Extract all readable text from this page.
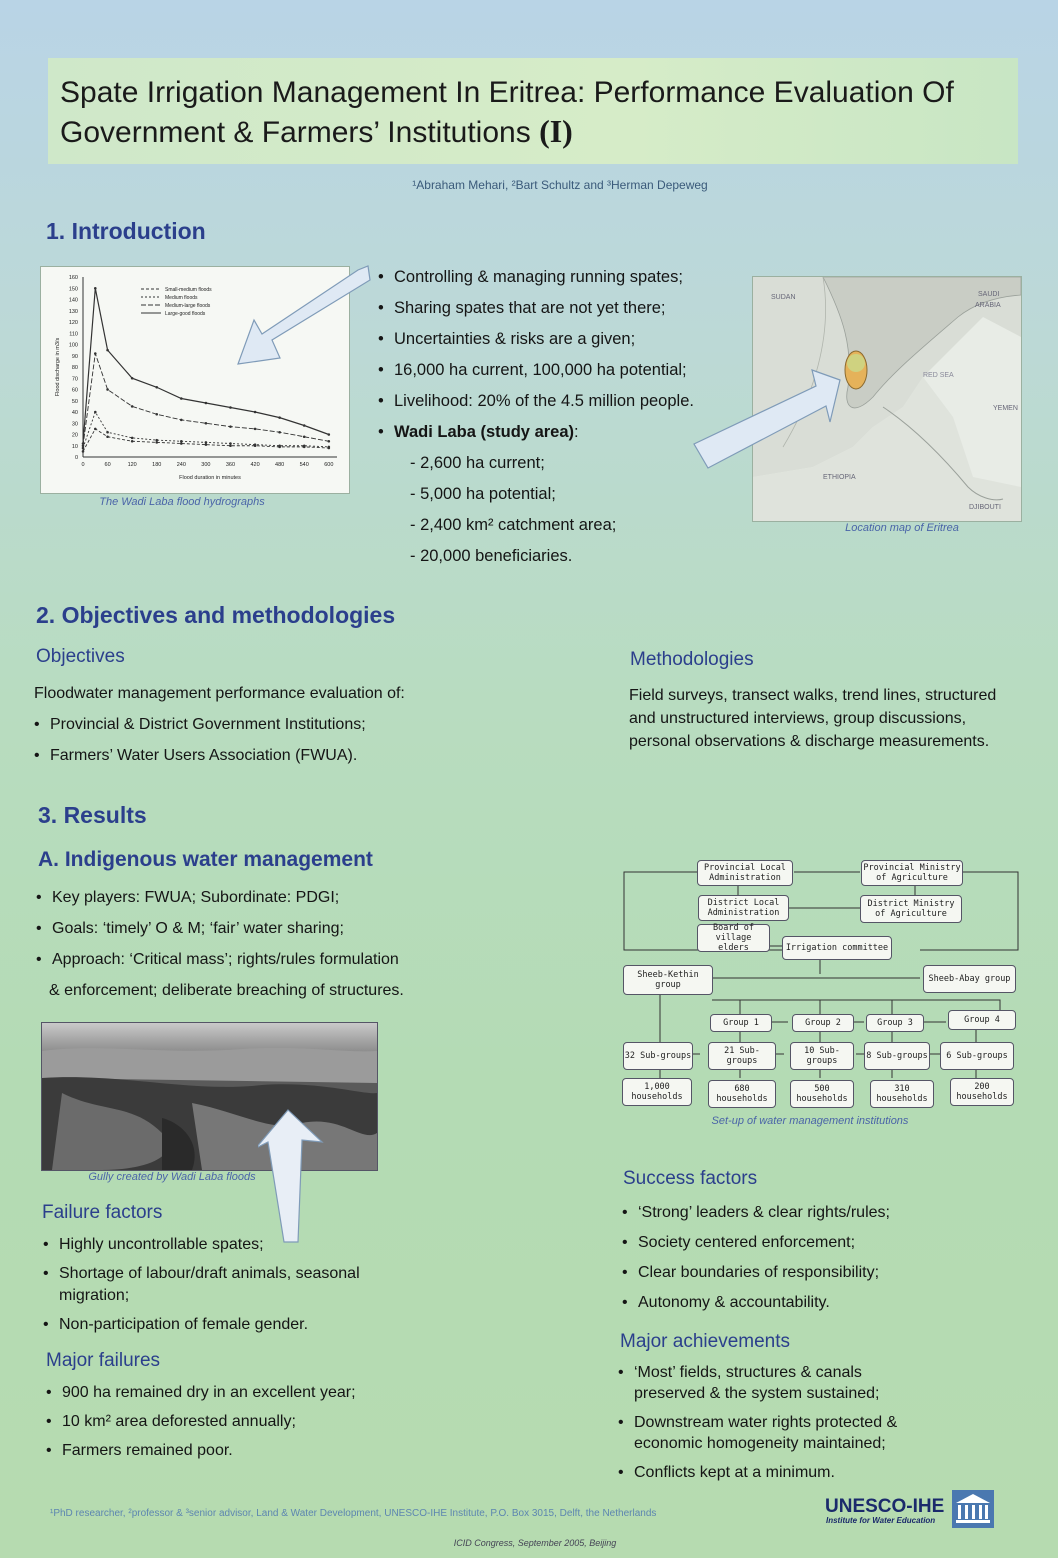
Spate Irrigation Management In Eritrea: Performance Evaluation Of
Government & Farmers’ Institutions (I)
¹Abraham Mehari, ²Bart Schultz and ³Herman Depeweg
1. Introduction
0
10
20
30
40
50
60
70
80
90
100
110
120
130
140
150
160
0	60	120	180	240	300	360	420	480	540	600
Flood duration in minutes
Flood discharge in m3/s
Small-medium floods
Medium floods
Medium-large floods
Large-good floods
The Wadi Laba flood hydrographs
• Controlling & managing running spates;
• Sharing spates that are not yet there;
• Uncertainties & risks are a given;
• 16,000 ha current, 100,000 ha potential;
• Livelihood: 20% of the 4.5 million people.
• Wadi Laba (study area):
- 2,600 ha current;
- 5,000 ha potential;
- 2,400 km² catchment area;
- 20,000 beneficiaries.
SUDAN	SAUDI
ARABIA
RED SEA
YEMEN
ETHIOPIA
DJIBOUTI
Location map of Eritrea
2. Objectives and methodologies
Objectives
Floodwater management performance evaluation of:
• Provincial & District Government Institutions;
• Farmers’ Water Users Association (FWUA).
Methodologies
Field surveys, transect walks, trend lines, structured and unstructured interviews, group discussions, personal observations & discharge measurements.
3. Results
A. Indigenous water management
• Key players: FWUA; Subordinate: PDGI;
• Goals: ‘timely’ O & M; ‘fair’ water sharing;
• Approach: ‘Critical mass’; rights/rules formulation
& enforcement; deliberate breaching of structures.
Gully created by Wadi Laba floods
Provincial Local Administration
Provincial Ministry of Agriculture
District Local Administration
District Ministry of Agriculture
Board of village elders	Irrigation committee
Sheeb-Kethin group
Sheeb-Abay group
Group 1	Group 2	Group 3	Group 4
32 Sub-groups	21 Sub-groups
10 Sub-groups	8 Sub-groups	6 Sub-groups
1,000 households
680 households
500 households
310 households
200 households
Set-up of water management institutions
Failure factors
• Highly uncontrollable spates;
• Shortage of labour/draft animals, seasonal migration;
• Non-participation of female gender.
Major failures
• 900 ha remained dry in an excellent year;
• 10 km² area deforested annually;
• Farmers remained poor.
Success factors
• ‘Strong’ leaders & clear rights/rules;
• Society centered enforcement;
• Clear boundaries of responsibility;
• Autonomy & accountability.
Major achievements
• ‘Most’ fields, structures & canals preserved & the system sustained;
• Downstream water rights protected & economic homogeneity maintained;
• Conflicts kept at a minimum.
¹PhD researcher, ²professor & ³senior advisor, Land & Water Development, UNESCO-IHE Institute, P.O. Box 3015, Delft, the Netherlands	UNESCO-IHE
Institute for Water Education
ICID Congress, September 2005, Beijing
